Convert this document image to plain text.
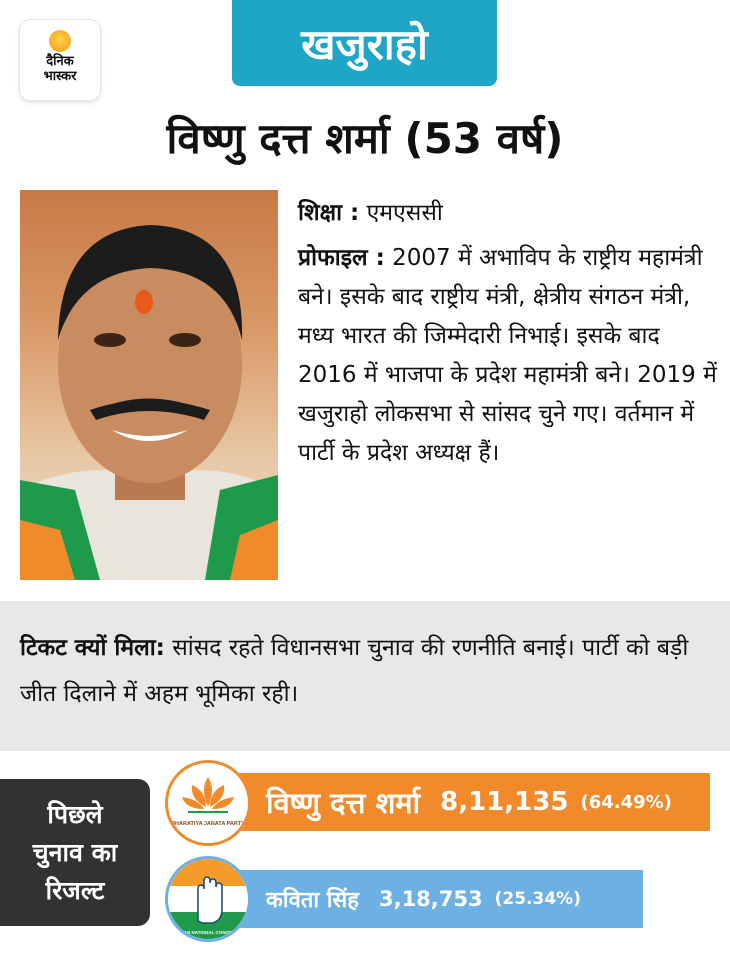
दैनिक
भास्कर
खजुराहो
विष्णु दत्त शर्मा (53 वर्ष)

शिक्षा : एमएससी

प्रोफाइल : 2007 में अभाविप के राष्ट्रीय महामंत्री बने। इसके बाद राष्ट्रीय मंत्री, क्षेत्रीय संगठन मंत्री, मध्य भारत की जिम्मेदारी निभाई। इसके बाद 2016 में भाजपा के प्रदेश महामंत्री बने। 2019 में खजुराहो लोकसभा से सांसद चुने गए। वर्तमान में पार्टी के प्रदेश अध्यक्ष हैं।

टिकट क्यों मिला: सांसद रहते विधानसभा चुनाव की रणनीति बनाई। पार्टी को बड़ी जीत दिलाने में अहम भूमिका रही।
पिछले
चुनाव का
रिजल्ट
विष्णु दत्त शर्मा 8,11,135 (64.49%)
BHARATIYA JANATA PARTY
कविता सिंह 3,18,753 (25.34%)
INDIAN NATIONAL CONGRESS
